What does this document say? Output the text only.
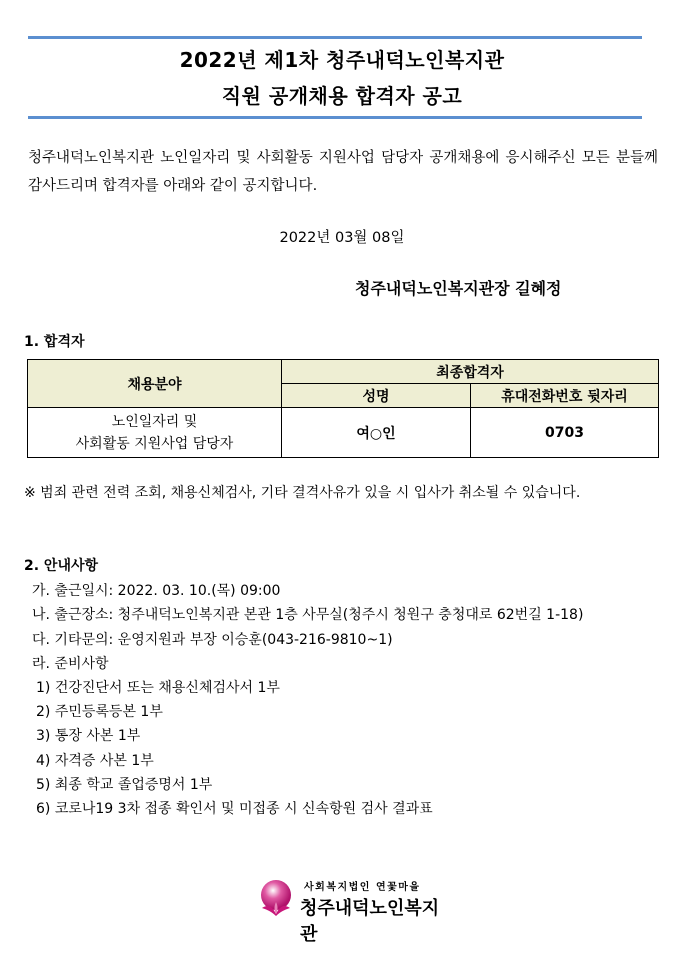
2022년 제1차 청주내덕노인복지관
직원 공개채용 합격자 공고
청주내덕노인복지관 노인일자리 및 사회활동 지원사업 담당자 공개채용에 응시해주신 모든 분들께 감사드리며 합격자를 아래와 같이 공지합니다.
2022년 03월 08일
청주내덕노인복지관장 길혜정
1. 합격자
채용분야	최종합격자	
	성명	휴대전화번호 뒷자리

노인일자리 및
사회활동 지원사업 담당자	여○인	0703
※ 범죄 관련 전력 조회, 채용신체검사, 기타 결격사유가 있을 시 입사가 취소될 수 있습니다.
2. 안내사항
가. 출근일시: 2022. 03. 10.(목) 09:00
나. 출근장소: 청주내덕노인복지관 본관 1층 사무실(청주시 청원구 충청대로 62번길 1-18)
다. 기타문의: 운영지원과 부장 이승훈(043-216-9810~1)
라. 준비사항
1) 건강진단서 또는 채용신체검사서 1부
2) 주민등록등본 1부
3) 통장 사본 1부
4) 자격증 사본 1부
5) 최종 학교 졸업증명서 1부
6) 코로나19 3차 접종 확인서 및 미접종 시 신속항원 검사 결과표
사회복지법인 연꽃마을
청주내덕노인복지관
